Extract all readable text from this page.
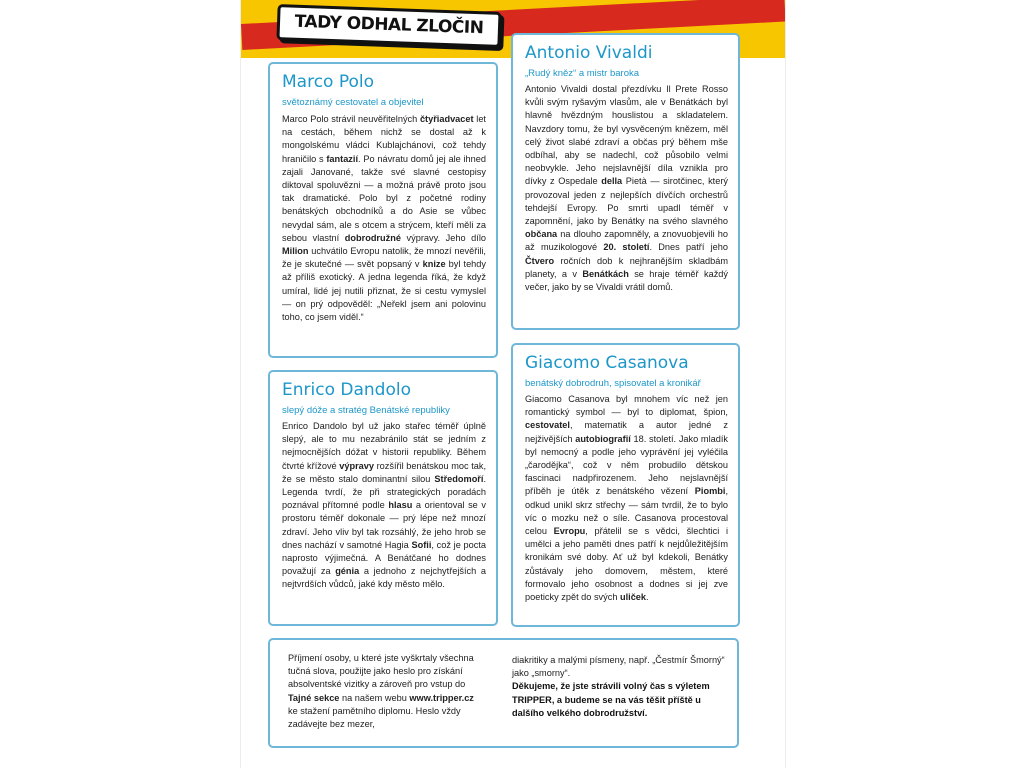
TADY ODHAL ZLOČIN
Marco Polo
světoznámý cestovatel a objevitel
Marco Polo strávil neuvěřitelných čtyřiadvacet let na cestách, během nichž se dostal až k mongolskému vládci Kublajchánovi, což tehdy hraničilo s fantazií. Po návratu domů jej ale ihned zajali Janované, takže své slavné cestopisy diktoval spoluvězni — a možná právě proto jsou tak dramatické. Polo byl z početné rodiny benátských obchodníků a do Asie se vůbec nevydal sám, ale s otcem a strýcem, kteří měli za sebou vlastní dobrodružné výpravy. Jeho dílo Milion uchvátilo Evropu natolik, že mnozí nevěřili, že je skutečné — svět popsaný v knize byl tehdy až příliš exotický. A jedna legenda říká, že když umíral, lidé jej nutili přiznat, že si cestu vymyslel — on prý odpověděl: „Neřekl jsem ani polovinu toho, co jsem viděl.“
Antonio Vivaldi
„Rudý kněz“ a mistr baroka
Antonio Vivaldi dostal přezdívku Il Prete Rosso kvůli svým ryšavým vlasům, ale v Benátkách byl hlavně hvězdným houslistou a skladatelem. Navzdory tomu, že byl vysvěceným knězem, měl celý život slabé zdraví a občas prý během mše odbíhal, aby se nadechl, což působilo velmi neobvykle. Jeho nejslavnější díla vznikla pro dívky z Ospedale della Pietà — sirotčinec, který provozoval jeden z nejlepších dívčích orchestrů tehdejší Evropy. Po smrti upadl téměř v zapomnění, jako by Benátky na svého slavného občana na dlouho zapomněly, a znovuobjevili ho až muzikologové 20. století. Dnes patří jeho Čtvero ročních dob k nejhranějším skladbám planety, a v Benátkách se hraje téměř každý večer, jako by se Vivaldi vrátil domů.
Enrico Dandolo
slepý dóže a stratég Benátské republiky
Enrico Dandolo byl už jako stařec téměř úplně slepý, ale to mu nezabránilo stát se jedním z nejmocnějších dóžat v historii republiky. Během čtvrté křížové výpravy rozšířil benátskou moc tak, že se město stalo dominantní silou Středomoří. Legenda tvrdí, že při strategických poradách poznával přítomné podle hlasu a orientoval se v prostoru téměř dokonale — prý lépe než mnozí zdraví. Jeho vliv byl tak rozsáhlý, že jeho hrob se dnes nachází v samotné Hagia Sofii, což je pocta naprosto výjimečná. A Benátčané ho dodnes považují za génia a jednoho z nejchytřejších a nejtvrdších vůdců, jaké kdy město mělo.
Giacomo Casanova
benátský dobrodruh, spisovatel a kronikář
Giacomo Casanova byl mnohem víc než jen romantický symbol — byl to diplomat, špion, cestovatel, matematik a autor jedné z nejživějších autobiografií 18. století. Jako mladík byl nemocný a podle jeho vyprávění jej vyléčila „čarodějka“, což v něm probudilo dětskou fascinaci nadpřirozenem. Jeho nejslavnější příběh je útěk z benátského vězení Piombi, odkud unikl skrz střechy — sám tvrdil, že to bylo víc o mozku než o síle. Casanova procestoval celou Evropu, přátelil se s vědci, šlechtici i umělci a jeho paměti dnes patří k nejdůležitějším kronikám své doby. Ať už byl kdekoli, Benátky zůstávaly jeho domovem, městem, které formovalo jeho osobnost a dodnes si jej zve poeticky zpět do svých uliček.
Příjmení osoby, u které jste vyškrtaly všechna tučná slova, použijte jako heslo pro získání absolventské vizitky a zároveň pro vstup do Tajné sekce na našem webu www.tripper.cz ke stažení pamětního diplomu. Heslo vždy zadávejte bez mezer,

diakritiky a malými písmeny, např. „Čestmír Šmorný“ jako „smorny“.

Děkujeme, že jste strávili volný čas s výletem TRIPPER, a budeme se na vás těšit příště u dalšího velkého dobrodružství.
